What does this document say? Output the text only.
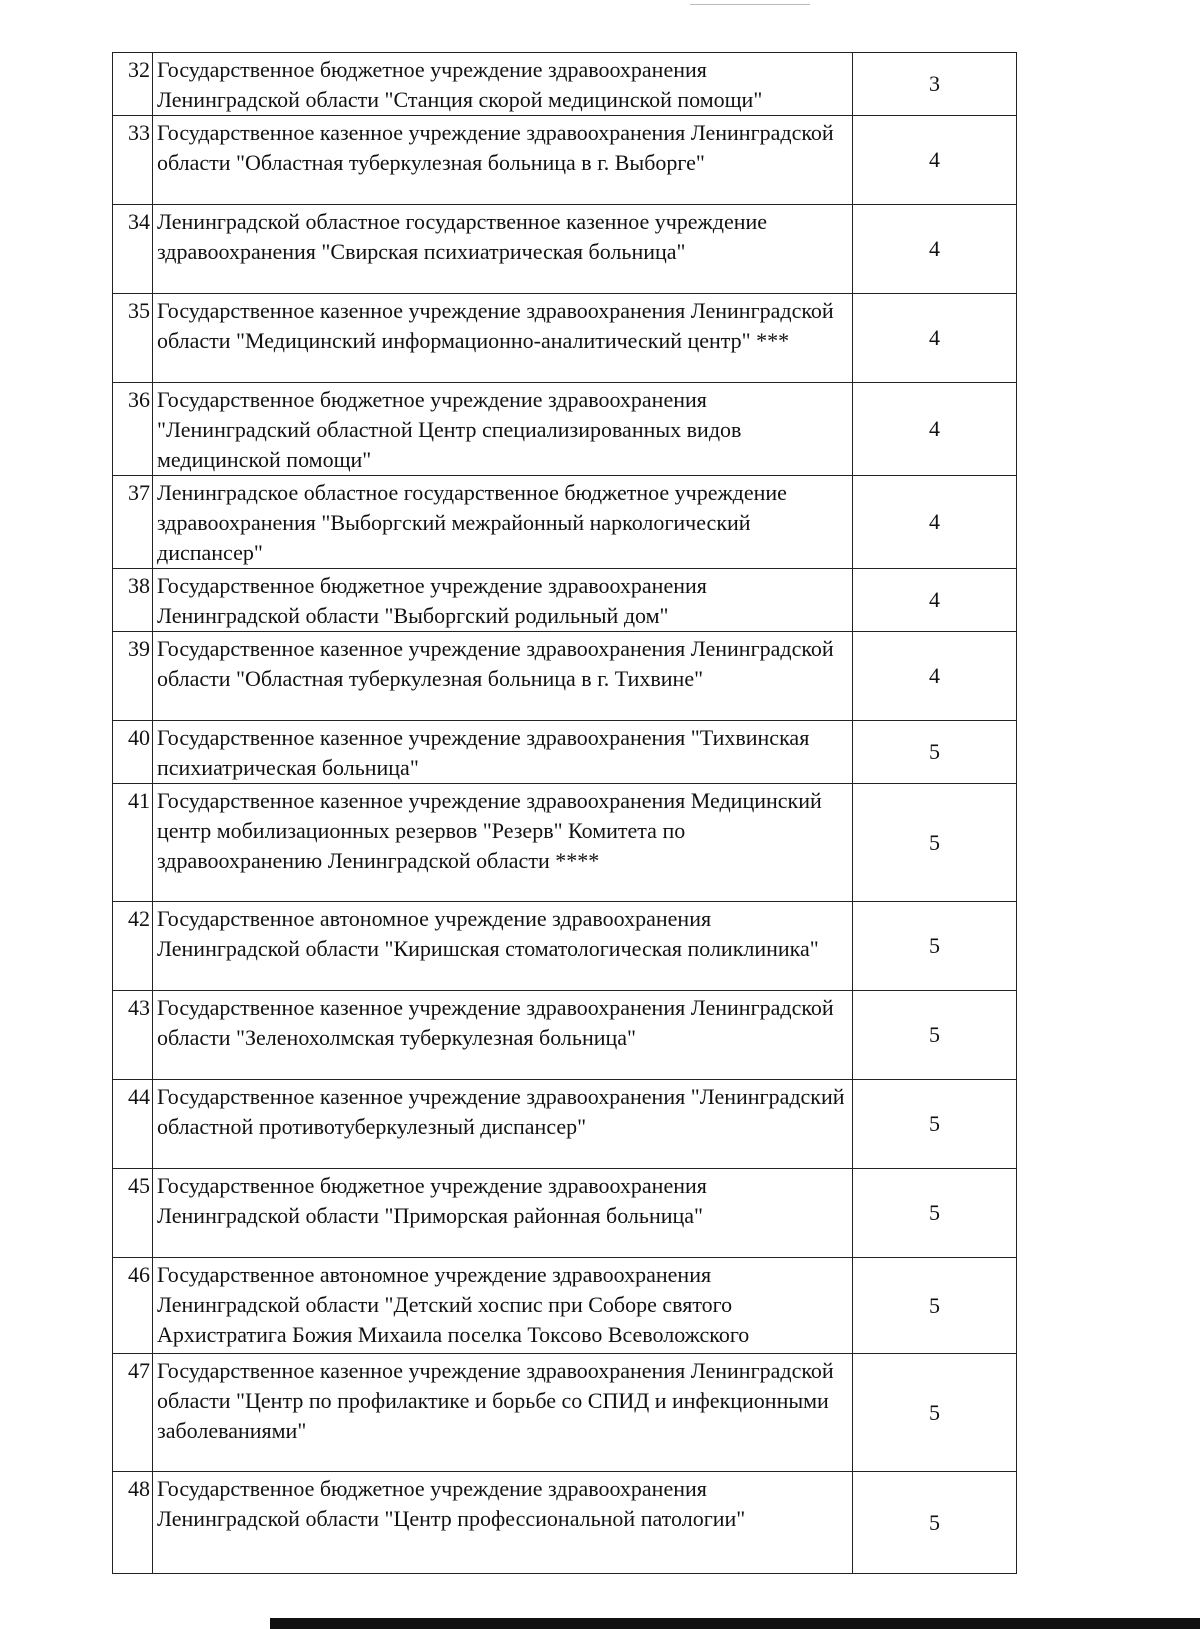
32	Государственное бюджетное учреждение здравоохранения Ленинградской области "Станция скорой медицинской помощи"	3
33	Государственное казенное учреждение здравоохранения Ленинградской области "Областная туберкулезная больница в г. Выборге"	4
34	Ленинградской областное государственное казенное учреждение здравоохранения "Свирская психиатрическая больница"	4
35	Государственное казенное учреждение здравоохранения Ленинградской области "Медицинский информационно-аналитический центр" ***	4
36	Государственное бюджетное учреждение здравоохранения "Ленинградский областной Центр специализированных видов медицинской помощи"	4
37	Ленинградское областное государственное бюджетное учреждение здравоохранения "Выборгский межрайонный наркологический диспансер"	4
38	Государственное бюджетное учреждение здравоохранения Ленинградской области "Выборгский родильный дом"	4
39	Государственное казенное учреждение здравоохранения Ленинградской области "Областная туберкулезная больница в г. Тихвине"	4
40	Государственное казенное учреждение здравоохранения "Тихвинская психиатрическая больница"	5
41	Государственное казенное учреждение здравоохранения Медицинский центр мобилизационных резервов "Резерв" Комитета по здравоохранению Ленинградской области ****	5
42	Государственное автономное учреждение здравоохранения Ленинградской области "Киришская стоматологическая поликлиника"	5
43	Государственное казенное учреждение здравоохранения Ленинградской области "Зеленохолмская туберкулезная больница"	5
44	Государственное казенное учреждение здравоохранения "Ленинградский областной противотуберкулезный диспансер"	5
45	Государственное бюджетное учреждение здравоохранения Ленинградской области "Приморская районная больница"	5
46	Государственное автономное учреждение здравоохранения Ленинградской области "Детский хоспис при Соборе святого Архистратига Божия Михаила поселка Токсово Всеволожского	5
47	Государственное казенное учреждение здравоохранения Ленинградской области "Центр по профилактике и борьбе со СПИД и инфекционными заболеваниями"	5
48	Государственное бюджетное учреждение здравоохранения Ленинградской области "Центр профессиональной патологии"	5
